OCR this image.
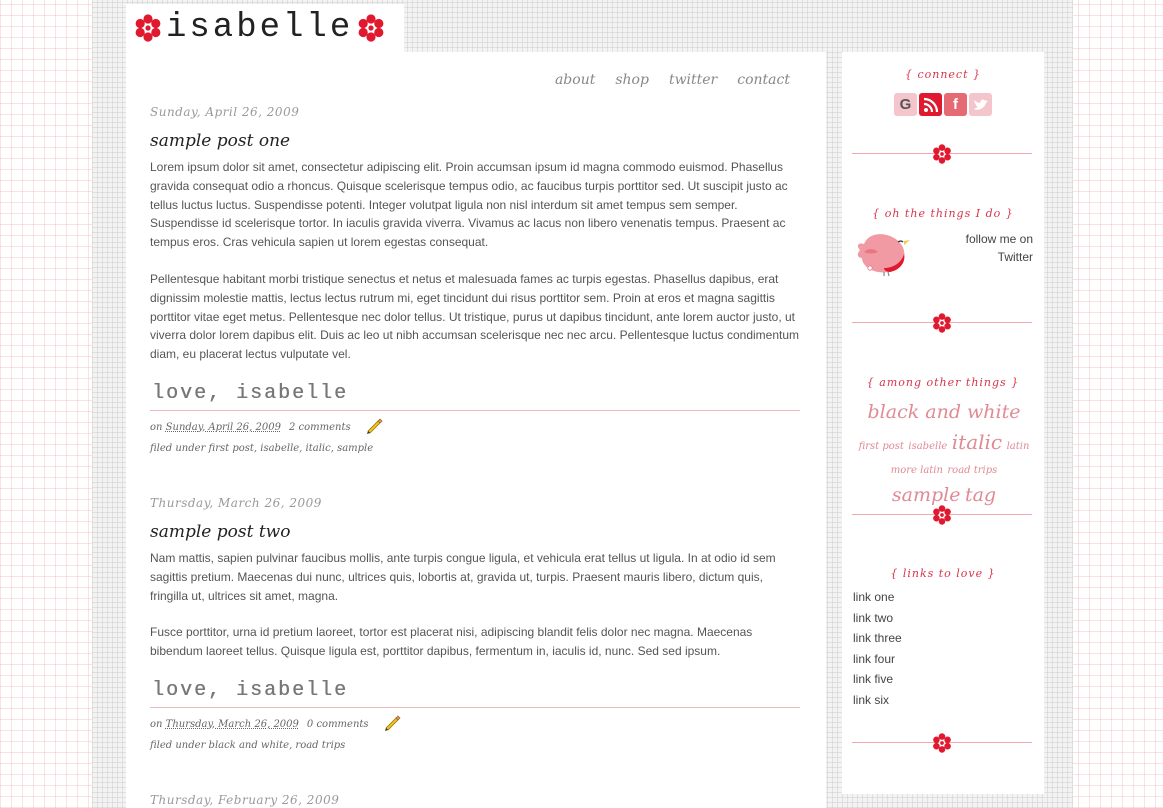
isabelle
about shop twitter contact

Sunday, April 26, 2009

sample post one

Lorem ipsum dolor sit amet, consectetur adipiscing elit. Proin accumsan ipsum id magna commodo euismod. Phasellus gravida consequat odio a rhoncus. Quisque scelerisque tempus odio, ac faucibus turpis porttitor sed. Ut suscipit justo ac tellus luctus luctus. Suspendisse potenti. Integer volutpat ligula non nisl interdum sit amet tempus sem semper. Suspendisse id scelerisque tortor. In iaculis gravida viverra. Vivamus ac lacus non libero venenatis tempus. Praesent ac tempus eros. Cras vehicula sapien ut lorem egestas consequat.

Pellentesque habitant morbi tristique senectus et netus et malesuada fames ac turpis egestas. Phasellus dapibus, erat dignissim molestie mattis, lectus lectus rutrum mi, eget tincidunt dui risus porttitor sem. Proin at eros et magna sagittis porttitor vitae eget metus. Pellentesque nec dolor tellus. Ut tristique, purus ut dapibus tincidunt, ante lorem auctor justo, ut viverra dolor lorem dapibus elit. Duis ac leo ut nibh accumsan scelerisque nec nec arcu. Pellentesque luctus condimentum diam, eu placerat lectus vulputate vel.

love, isabelle
on Sunday, April 26, 2009 2 comments
filed under first post, isabelle, italic, sample

Thursday, March 26, 2009

sample post two

Nam mattis, sapien pulvinar faucibus mollis, ante turpis congue ligula, et vehicula erat tellus ut ligula. In at odio id sem sagittis pretium. Maecenas dui nunc, ultrices quis, lobortis at, gravida ut, turpis. Praesent mauris libero, dictum quis, fringilla ut, ultrices sit amet, magna.

Fusce porttitor, urna id pretium laoreet, tortor est placerat nisi, adipiscing blandit felis dolor nec magna. Maecenas bibendum laoreet tellus. Quisque ligula est, porttitor dapibus, fermentum in, iaculis id, nunc. Sed sed ipsum.

love, isabelle
on Thursday, March 26, 2009 0 comments
filed under black and white, road trips

Thursday, February 26, 2009

{ connect }

G	f

{ oh the things I do }

follow me on
Twitter

{ among other things }

black and white first post isabelle italic latin more latin road trips sample tag

{ links to love }

link one
link two
link three
link four
link five
link six
